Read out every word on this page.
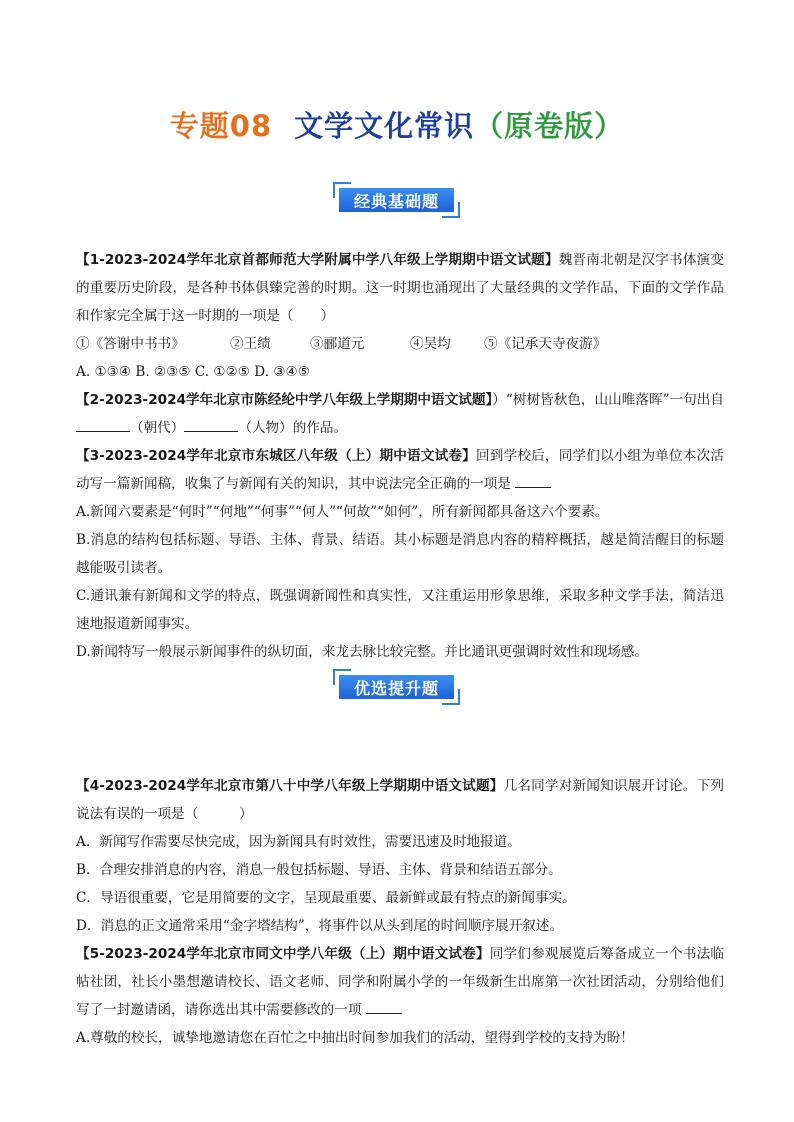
专题08 文学文化常识（原卷版）
经典基础题

【1-2023-2024学年北京首都师范大学附属中学八年级上学期期中语文试题】魏晋南北朝是汉字书体演变的重要历史阶段，是各种书体俱臻完善的时期。这一时期也涌现出了大量经典的文学作品，下面的文学作品和作家完全属于这一时期的一项是（　　）

①《答谢中书书》	②王绩	③郦道元	④吴均 ⑤《记承天寺夜游》

A. ①③④ B. ②③⑤ C. ①②⑤ D. ③④⑤

【2-2023-2024学年北京市陈经纶中学八年级上学期期中语文试题】）“树树皆秋色，山山唯落晖”一句出自（朝代）	（人物）的作品。

【3-2023-2024学年北京市东城区八年级（上）期中语文试卷】回到学校后，同学们以小组为单位本次活动写一篇新闻稿，收集了与新闻有关的知识，其中说法完全正确的一项是

A.新闻六要素是“何时”“何地”“何事”“何人”“何故”“如何”，所有新闻都具备这六个要素。

B.消息的结构包括标题、导语、主体、背景、结语。其小标题是消息内容的精粹概括，越是简洁醒目的标题越能吸引读者。

C.通讯兼有新闻和文学的特点，既强调新闻性和真实性，又注重运用形象思维，采取多种文学手法，简洁迅速地报道新闻事实。

D.新闻特写一般展示新闻事件的纵切面，来龙去脉比较完整。并比通讯更强调时效性和现场感。

优选提升题

【4-2023-2024学年北京市第八十中学八年级上学期期中语文试题】几名同学对新闻知识展开讨论。下列说法有误的一项是（　　　）

A．新闻写作需要尽快完成，因为新闻具有时效性，需要迅速及时地报道。

B．合理安排消息的内容，消息一般包括标题、导语、主体、背景和结语五部分。

C．导语很重要，它是用简要的文字，呈现最重要、最新鲜或最有特点的新闻事实。

D．消息的正文通常采用“金字塔结构”，将事件以从头到尾的时间顺序展开叙述。

【5-2023-2024学年北京市同文中学八年级（上）期中语文试卷】同学们参观展览后筹备成立一个书法临帖社团，社长小墨想邀请校长、语文老师、同学和附属小学的一年级新生出席第一次社团活动，分别给他们写了一封邀请函，请你选出其中需要修改的一项

A.尊敬的校长，诚挚地邀请您在百忙之中抽出时间参加我们的活动，望得到学校的支持为盼！
